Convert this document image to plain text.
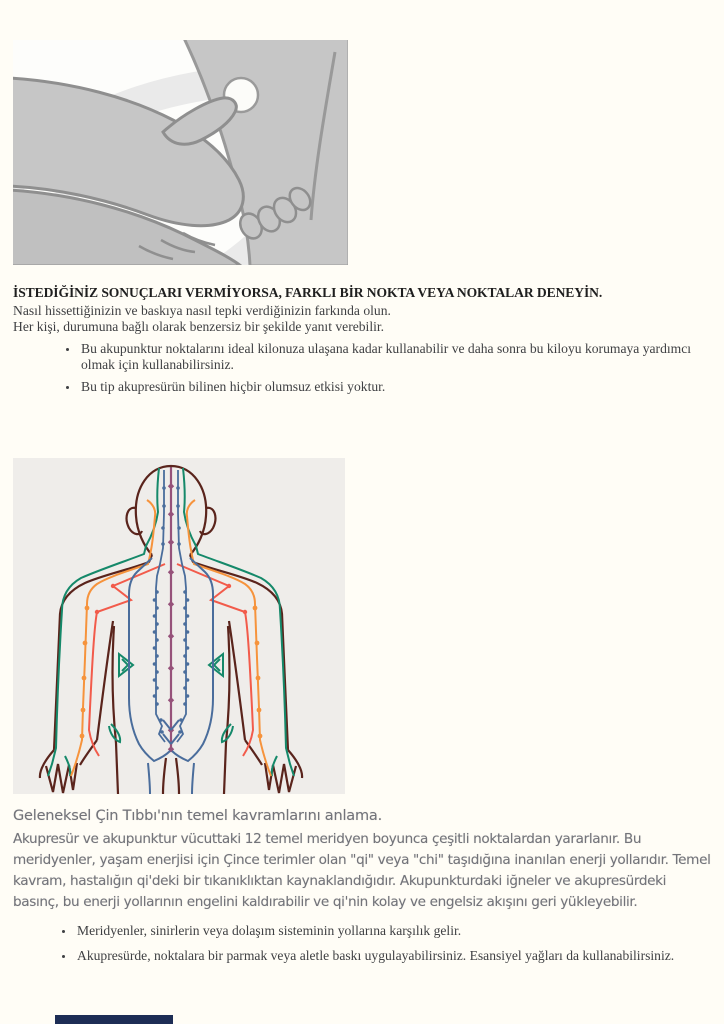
İSTEDİĞİNİZ SONUÇLARI VERMİYORSA, FARKLI BİR NOKTA VEYA NOKTALAR DENEYİN.

Nasıl hissettiğinizin ve baskıya nasıl tepki verdiğinizin farkında olun.

Her kişi, durumuna bağlı olarak benzersiz bir şekilde yanıt verebilir.

• Bu akupunktur noktalarını ideal kilonuza ulaşana kadar kullanabilir ve daha sonra bu kiloyu korumaya yardımcı olmak için kullanabilirsiniz.
• Bu tip akupresürün bilinen hiçbir olumsuz etkisi yoktur.

Geleneksel Çin Tıbbı'nın temel kavramlarını anlama.

Akupresür ve akupunktur vücuttaki 12 temel meridyen boyunca çeşitli noktalardan yararlanır. Bu meridyenler, yaşam enerjisi için Çince terimler olan "qi" veya "chi" taşıdığına inanılan enerji yollarıdır. Temel kavram, hastalığın qi'deki bir tıkanıklıktan kaynaklandığıdır. Akupunkturdaki iğneler ve akupresürdeki basınç, bu enerji yollarının engelini kaldırabilir ve qi'nin kolay ve engelsiz akışını geri yükleyebilir.

• Meridyenler, sinirlerin veya dolaşım sisteminin yollarına karşılık gelir.
• Akupresürde, noktalara bir parmak veya aletle baskı uygulayabilirsiniz. Esansiyel yağları da kullanabilirsiniz.
